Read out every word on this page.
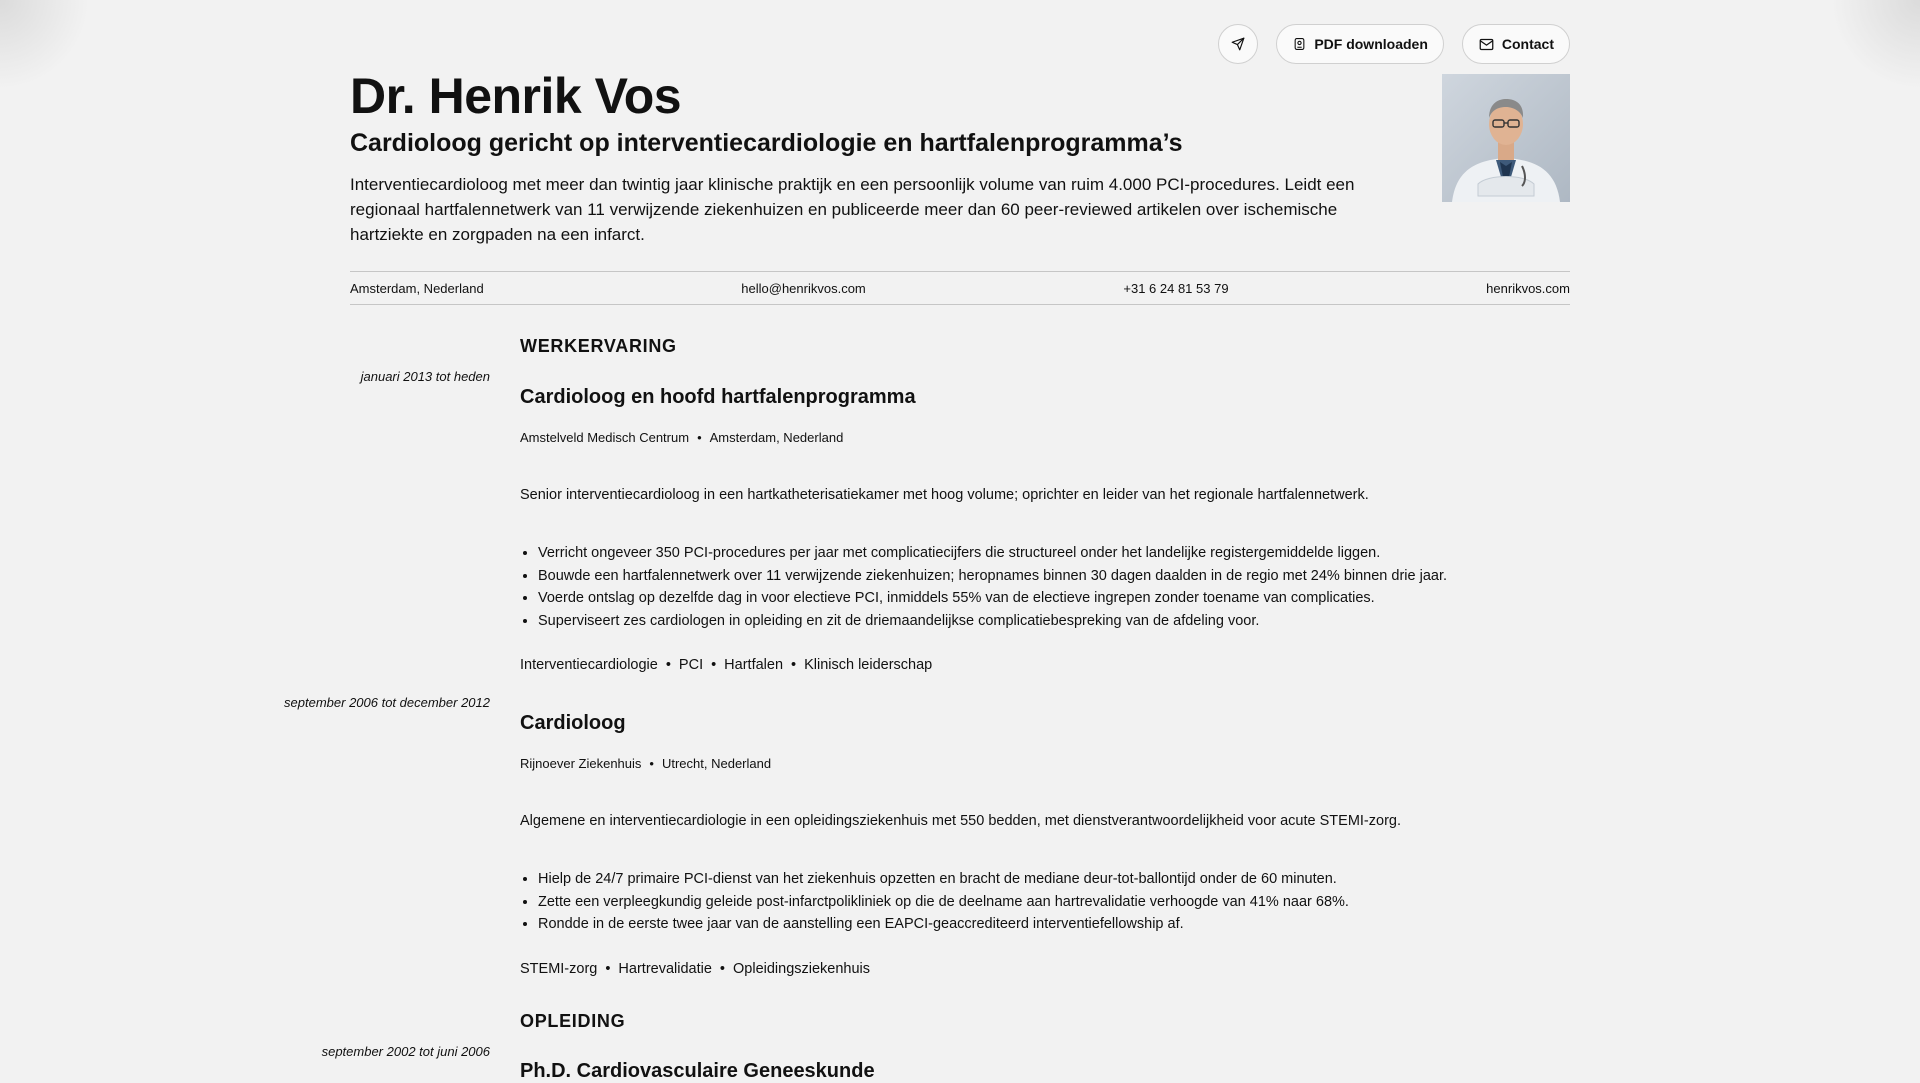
PDF downloaden	Contact
Dr. Henrik Vos
Cardioloog gericht op interventiecardiologie en hartfalenprogramma’s

Interventiecardioloog met meer dan twintig jaar klinische praktijk en een persoonlijk volume van ruim 4.000 PCI-procedures. Leidt een regionaal hartfalennetwerk van 11 verwijzende ziekenhuizen en publiceerde meer dan 60 peer-reviewed artikelen over ischemische hartziekte en zorgpaden na een infarct.

Amsterdam, Nederland	hello@henrikvos.com	+31 6 24 81 53 79	henrikvos.com
WERKERVARING
januari 2013 tot heden
Cardioloog en hoofd hartfalenprogramma
Amstelveld Medisch Centrum • Amsterdam, Nederland
Senior interventiecardioloog in een hartkatheterisatiekamer met hoog volume; oprichter en leider van het regionale hartfalennetwerk.
• Verricht ongeveer 350 PCI-procedures per jaar met complicatiecijfers die structureel onder het landelijke registergemiddelde liggen.
• Bouwde een hartfalennetwerk over 11 verwijzende ziekenhuizen; heropnames binnen 30 dagen daalden in de regio met 24% binnen drie jaar.
• Voerde ontslag op dezelfde dag in voor electieve PCI, inmiddels 55% van de electieve ingrepen zonder toename van complicaties.
• Superviseert zes cardiologen in opleiding en zit de driemaandelijkse complicatiebespreking van de afdeling voor.
Interventiecardiologie • PCI • Hartfalen • Klinisch leiderschap
september 2006 tot december 2012
Cardioloog
Rijnoever Ziekenhuis • Utrecht, Nederland
Algemene en interventiecardiologie in een opleidingsziekenhuis met 550 bedden, met dienstverantwoordelijkheid voor acute STEMI-zorg.
• Hielp de 24/7 primaire PCI-dienst van het ziekenhuis opzetten en bracht de mediane deur-tot-ballontijd onder de 60 minuten.
• Zette een verpleegkundig geleide post-infarctpolikliniek op die de deelname aan hartrevalidatie verhoogde van 41% naar 68%.
• Rondde in de eerste twee jaar van de aanstelling een EAPCI-geaccrediteerd interventiefellowship af.
STEMI-zorg • Hartrevalidatie • Opleidingsziekenhuis
OPLEIDING
september 2002 tot juni 2006
Ph.D. Cardiovasculaire Geneeskunde
